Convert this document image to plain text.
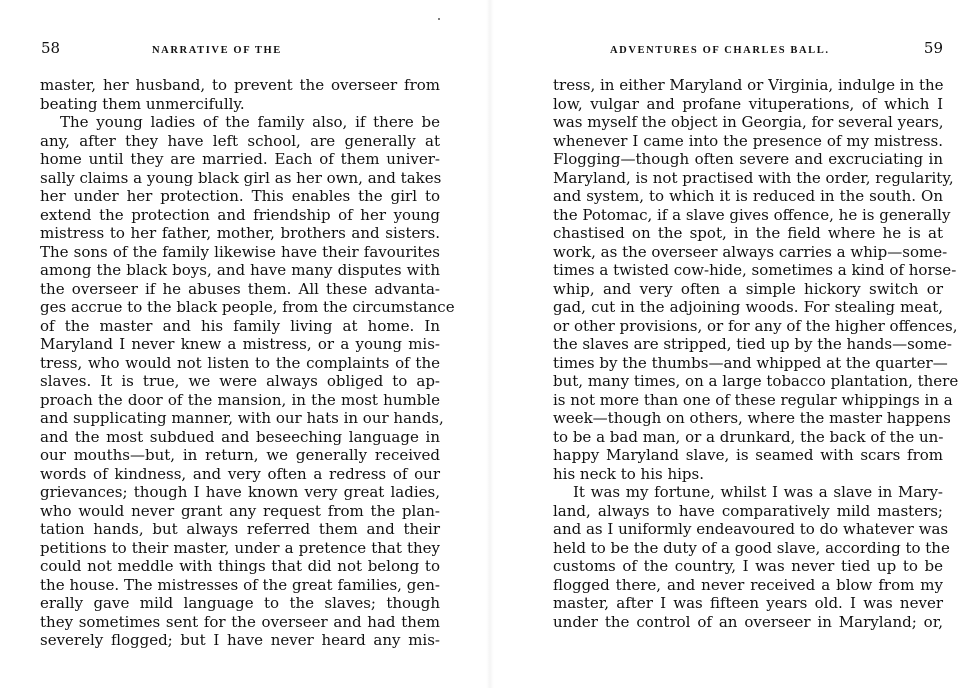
58	NARRATIVE OF THE
master, her husband, to prevent the overseer from
beating them unmercifully.
The young ladies of the family also, if there be
any, after they have left school, are generally at
home until they are married. Each of them univer-
sally claims a young black girl as her own, and takes
her under her protection. This enables the girl to
extend the protection and friendship of her young
mistress to her father, mother, brothers and sisters.
The sons of the family likewise have their favourites
among the black boys, and have many disputes with
the overseer if he abuses them. All these advanta-
ges accrue to the black people, from the circumstance
of the master and his family living at home. In
Maryland I never knew a mistress, or a young mis-
tress, who would not listen to the complaints of the
slaves. It is true, we were always obliged to ap-
proach the door of the mansion, in the most humble
and supplicating manner, with our hats in our hands,
and the most subdued and beseeching language in
our mouths—but, in return, we generally received
words of kindness, and very often a redress of our
grievances; though I have known very great ladies,
who would never grant any request from the plan-
tation hands, but always referred them and their
petitions to their master, under a pretence that they
could not meddle with things that did not belong to
the house. The mistresses of the great families, gen-
erally gave mild language to the slaves; though
they sometimes sent for the overseer and had them
severely flogged; but I have never heard any mis-
ADVENTURES OF CHARLES BALL.	59
tress, in either Maryland or Virginia, indulge in the
low, vulgar and profane vituperations, of which I
was myself the object in Georgia, for several years,
whenever I came into the presence of my mistress.
Flogging—though often severe and excruciating in
Maryland, is not practised with the order, regularity,
and system, to which it is reduced in the south. On
the Potomac, if a slave gives offence, he is generally
chastised on the spot, in the field where he is at
work, as the overseer always carries a whip—some-
times a twisted cow-hide, sometimes a kind of horse-
whip, and very often a simple hickory switch or
gad, cut in the adjoining woods. For stealing meat,
or other provisions, or for any of the higher offences,
the slaves are stripped, tied up by the hands—some-
times by the thumbs—and whipped at the quarter—
but, many times, on a large tobacco plantation, there
is not more than one of these regular whippings in a
week—though on others, where the master happens
to be a bad man, or a drunkard, the back of the un-
happy Maryland slave, is seamed with scars from
his neck to his hips.
It was my fortune, whilst I was a slave in Mary-
land, always to have comparatively mild masters;
and as I uniformly endeavoured to do whatever was
held to be the duty of a good slave, according to the
customs of the country, I was never tied up to be
flogged there, and never received a blow from my
master, after I was fifteen years old. I was never
under the control of an overseer in Maryland; or,
